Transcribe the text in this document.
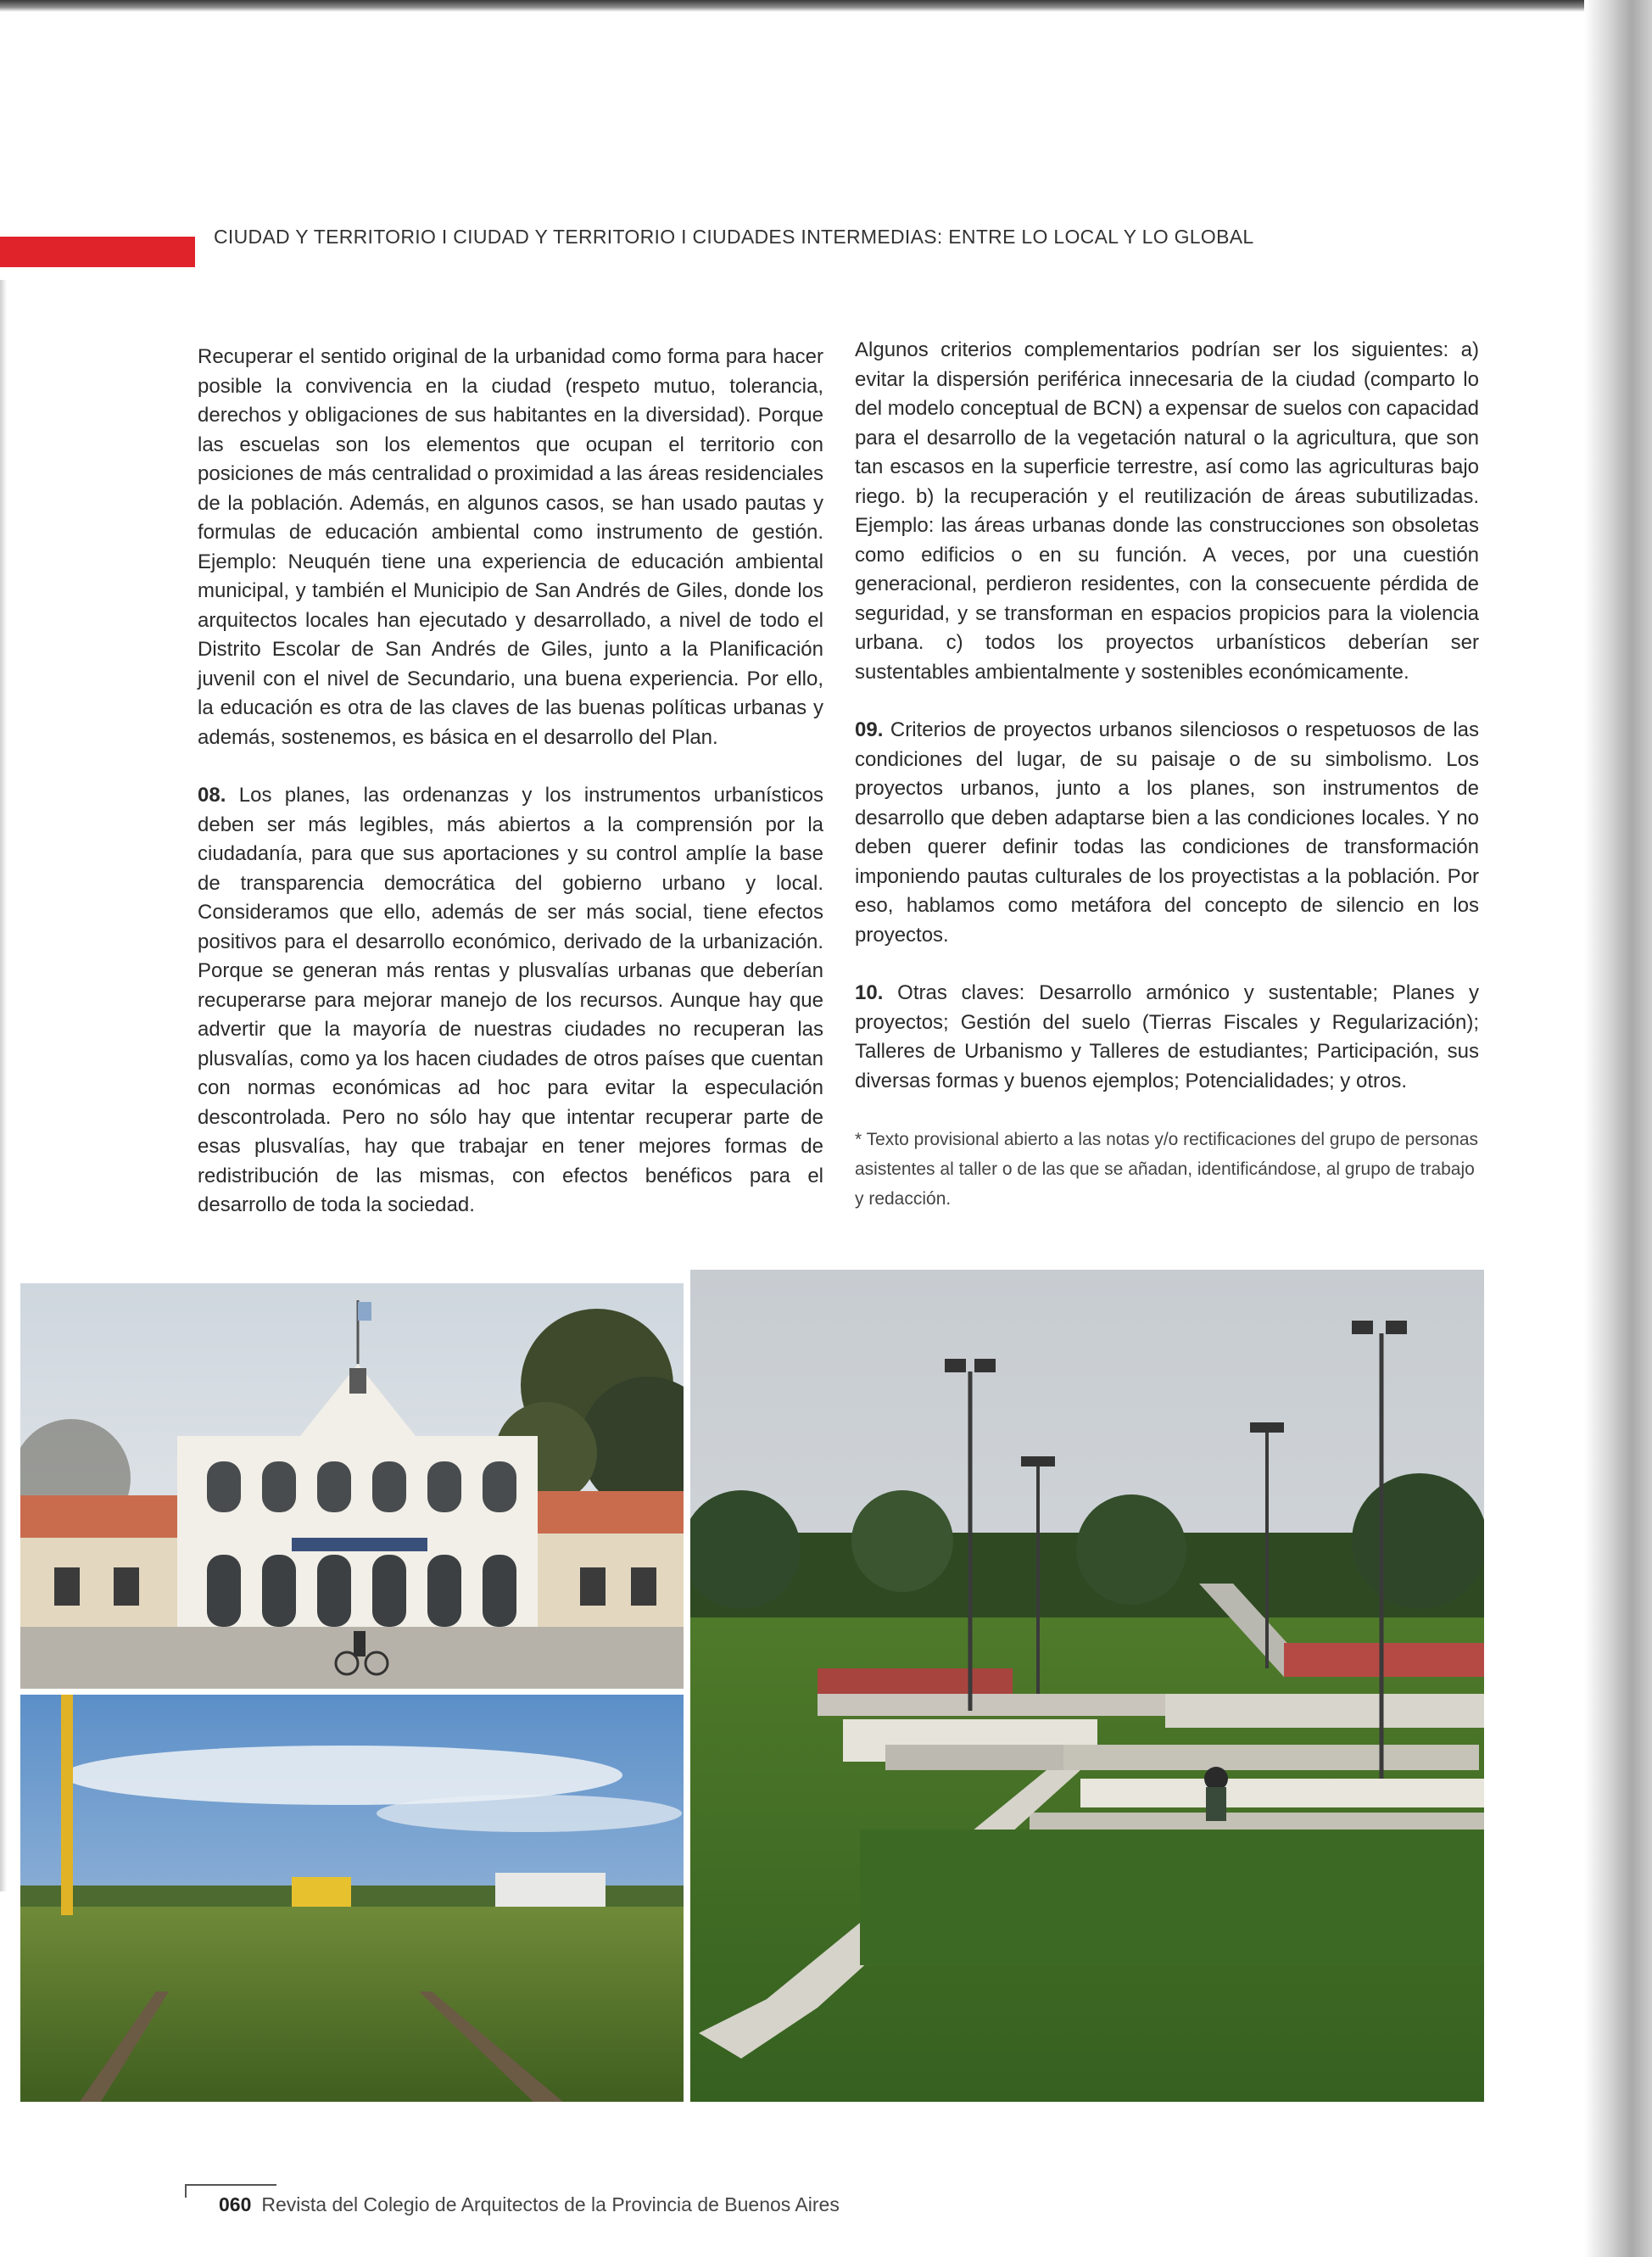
CIUDAD Y TERRITORIO I CIUDAD Y TERRITORIO I CIUDADES INTERMEDIAS: ENTRE LO LOCAL Y LO GLOBAL

Recuperar el sentido original de la urbanidad como forma para hacer posible la convivencia en la ciudad (respeto mutuo, tolerancia, derechos y obligaciones de sus habitantes en la diversidad). Porque las escuelas son los elementos que ocupan el territorio con posiciones de más centralidad o proximidad a las áreas residenciales de la población. Además, en algunos casos, se han usado pautas y formulas de educación ambiental como instrumento de gestión. Ejemplo: Neuquén tiene una experiencia de educación ambiental municipal, y también el Municipio de San Andrés de Giles, donde los arquitectos locales han ejecutado y desarrollado, a nivel de todo el Distrito Escolar de San Andrés de Giles, junto a la Planificación juvenil con el nivel de Secundario, una buena experiencia. Por ello, la educación es otra de las claves de las buenas políticas urbanas y además, sostenemos, es básica en el desarrollo del Plan.

08. Los planes, las ordenanzas y los instrumentos urbanísticos deben ser más legibles, más abiertos a la comprensión por la ciudadanía, para que sus aportaciones y su control amplíe la base de transparencia democrática del gobierno urbano y local. Consideramos que ello, además de ser más social, tiene efectos positivos para el desarrollo económico, derivado de la urbanización. Porque se generan más rentas y plusvalías urbanas que deberían recuperarse para mejorar manejo de los recursos. Aunque hay que advertir que la mayoría de nuestras ciudades no recuperan las plusvalías, como ya los hacen ciudades de otros países que cuentan con normas económicas ad hoc para evitar la especulación descontrolada. Pero no sólo hay que intentar recuperar parte de esas plusvalías, hay que trabajar en tener mejores formas de redistribución de las mismas, con efectos benéficos para el desarrollo de toda la sociedad.

Algunos criterios complementarios podrían ser los siguientes: a) evitar la dispersión periférica innecesaria de la ciudad (comparto lo del modelo conceptual de BCN) a expensar de suelos con capacidad para el desarrollo de la vegetación natural o la agricultura, que son tan escasos en la superficie terrestre, así como las agriculturas bajo riego. b) la recuperación y el reutilización de áreas subutilizadas. Ejemplo: las áreas urbanas donde las construcciones son obsoletas como edificios o en su función. A veces, por una cuestión generacional, perdieron residentes, con la consecuente pérdida de seguridad, y se transforman en espacios propicios para la violencia urbana. c) todos los proyectos urbanísticos deberían ser sustentables ambientalmente y sostenibles económicamente.

09. Criterios de proyectos urbanos silenciosos o respetuosos de las condiciones del lugar, de su paisaje o de su simbolismo. Los proyectos urbanos, junto a los planes, son instrumentos de desarrollo que deben adaptarse bien a las condiciones locales. Y no deben querer definir todas las condiciones de transformación imponiendo pautas culturales de los proyectistas a la población. Por eso, hablamos como metáfora del concepto de silencio en los proyectos.

10. Otras claves: Desarrollo armónico y sustentable; Planes y proyectos; Gestión del suelo (Tierras Fiscales y Regularización); Talleres de Urbanismo y Talleres de estudiantes; Participación, sus diversas formas y buenos ejemplos; Potencialidades; y otros.

* Texto provisional abierto a las notas y/o rectificaciones del grupo de personas asistentes al taller o de las que se añadan, identificándose, al grupo de trabajo y redacción.

060 Revista del Colegio de Arquitectos de la Provincia de Buenos Aires
